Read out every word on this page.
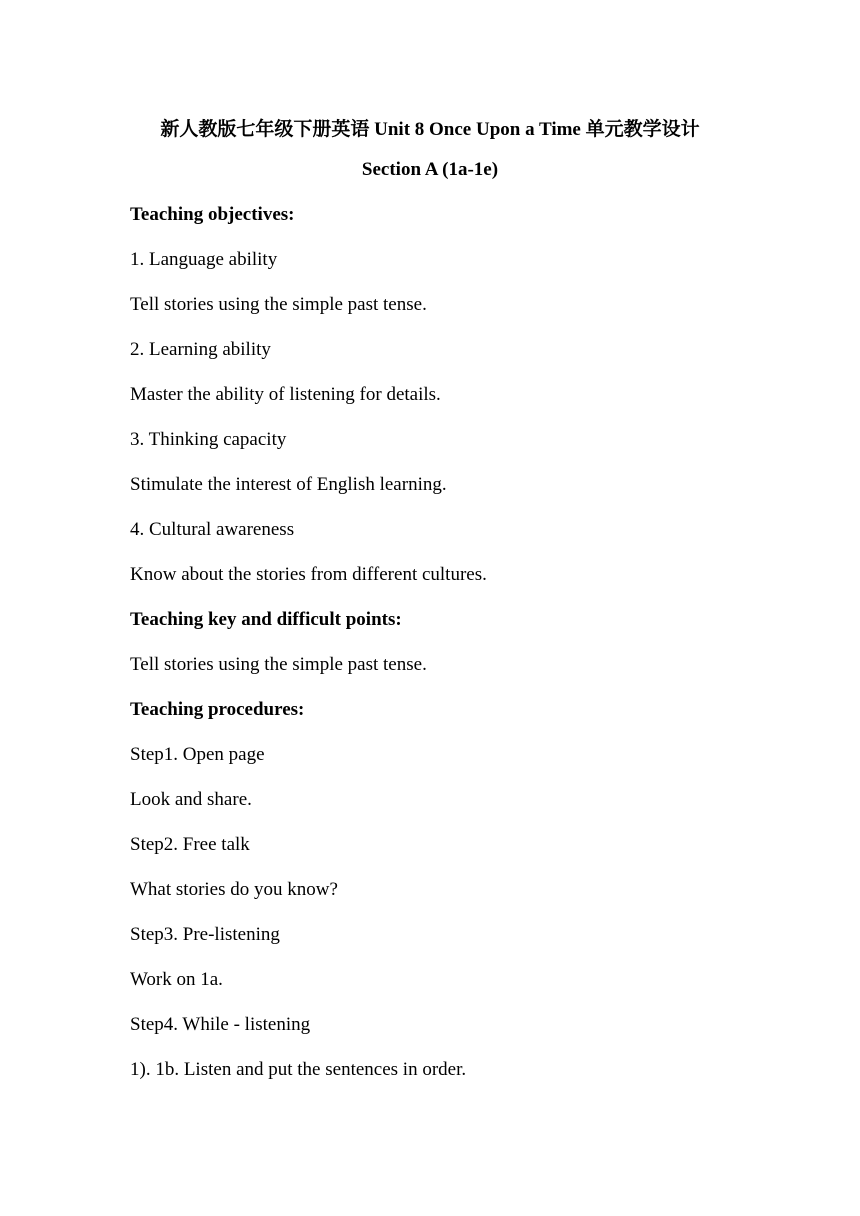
新人教版七年级下册英语 Unit 8 Once Upon a Time 单元教学设计
Section A (1a-1e)
Teaching objectives:
1. Language ability
Tell stories using the simple past tense.
2. Learning ability
Master the ability of listening for details.
3. Thinking capacity
Stimulate the interest of English learning.
4. Cultural awareness
Know about the stories from different cultures.
Teaching key and difficult points:
Tell stories using the simple past tense.
Teaching procedures:
Step1. Open page
Look and share.
Step2. Free talk
What stories do you know?
Step3. Pre-listening
Work on 1a.
Step4. While - listening
1). 1b. Listen and put the sentences in order.
